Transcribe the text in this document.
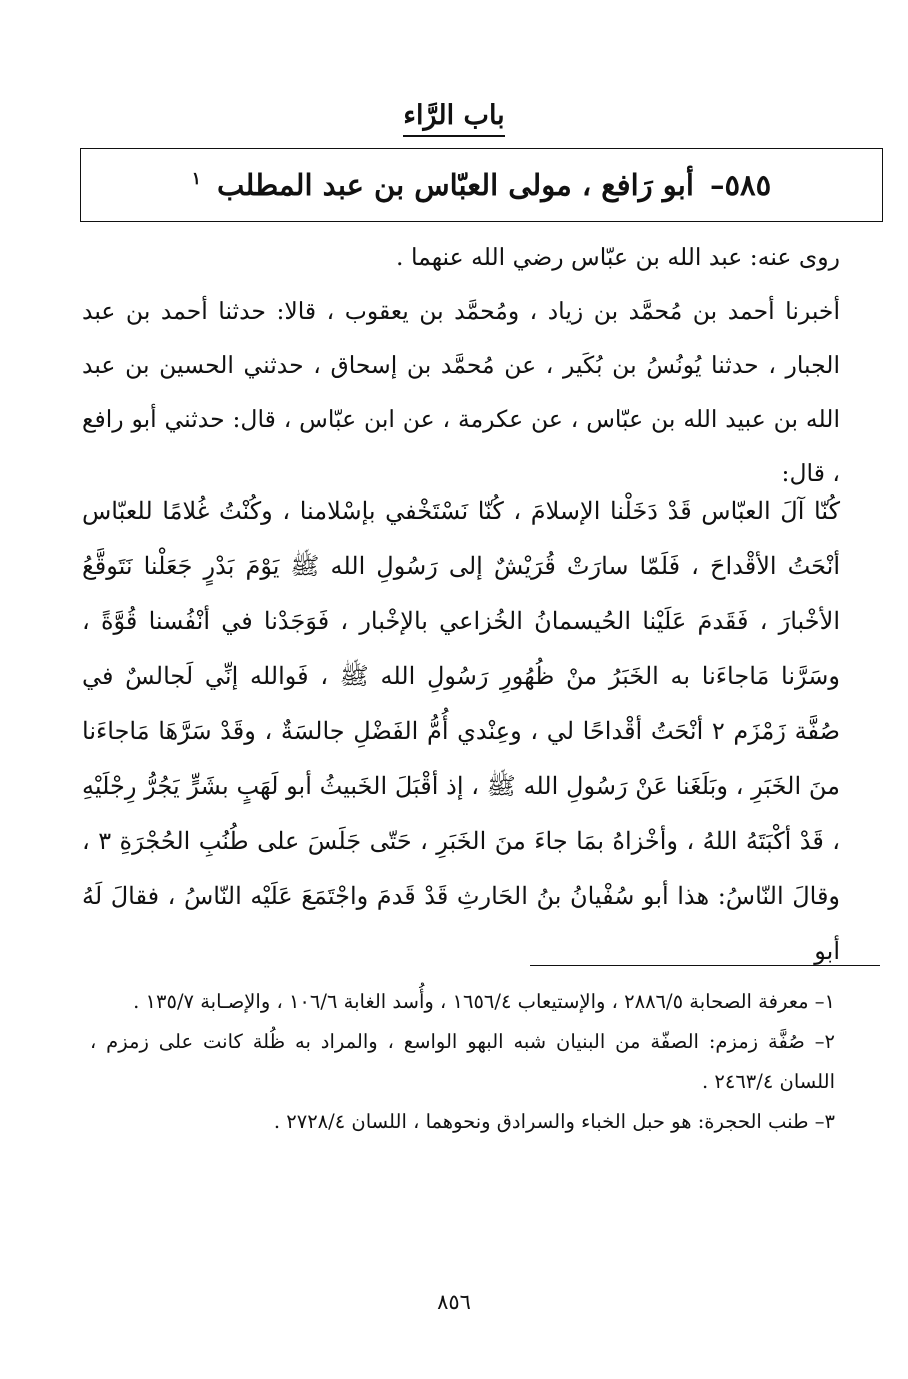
باب الرَّاء
٥٨٥– أبو رَافع ، مولى العبّاس بن عبد المطلب $^١$

روى عنه: عبد الله بن عبّاس رضي الله عنهما .

أخبرنا أحمد بن مُحمَّد بن زياد ، ومُحمَّد بن يعقوب ، قالا: حدثنا أحمد بن عبد الجبار ، حدثنا يُونُسُ بن بُكَير ، عن مُحمَّد بن إسحاق ، حدثني الحسين بن عبد الله بن عبيد الله بن عبّاس ، عن عكرمة ، عن ابن عبّاس ، قال: حدثني أبو رافع ، قال:

كُنّا آلَ العبّاس قَدْ دَخَلْنا الإسلامَ ، كُنّا نَسْتَخْفي بإسْلامنا ، وكُنْتُ غُلامًا للعبّاس أنْحَتُ الأقْداحَ ، فَلَمّا سارَتْ قُرَيْشٌ إلى رَسُولِ الله ﷺ يَوْمَ بَدْرٍ جَعَلْنا نَتَوقَّعُ الأخْبارَ ، فَقَدمَ عَلَيْنا الحُيسمانُ الخُزاعي بالإخْبار ، فَوَجَدْنا في أنْفُسنا قُوَّةً ، وسَرَّنا مَاجاءَنا به الخَبَرُ منْ ظُهُورِ رَسُولِ الله ﷺ ، فَوالله إنِّي لَجالسٌ في صُفَّة زَمْزَم ٢ أنْحَتُ أقْداحًا لي ، وعِنْدي أُمُّ الفَضْلِ جالسَةٌ ، وقَدْ سَرَّهَا مَاجاءَنا منَ الخَبَرِ ، وبَلَغَنا عَنْ رَسُولِ الله ﷺ ، إذ أقْبَلَ الخَبيثُ أبو لَهَبٍ بشَرٍّ يَجُرُّ رِجْلَيْهِ ، قَدْ أكْبَتَهُ اللهُ ، وأخْزاهُ بمَا جاءَ منَ الخَبَرِ ، حَتّى جَلَسَ على طُنُبِ الحُجْرَةِ ٣ ، وقالَ النّاسُ: هذا أبو سُفْيانُ بنُ الحَارثِ قَدْ قَدمَ واجْتَمَعَ عَلَيْه النّاسُ ، فقالَ لَهُ أبو

١– معرفة الصحابة ٢٨٨٦/٥ ، والإستيعاب ١٦٥٦/٤ ، وأُسد الغابة ١٠٦/٦ ، والإصـابة ١٣٥/٧ .

٢– صُفَّة زمزم: الصفّة من البنيان شبه البهو الواسع ، والمراد به ظُلة كانت على زمزم ، اللسان ٢٤٦٣/٤ .

٣– طنب الحجرة: هو حبل الخباء والسرادق ونحوهما ، اللسان ٢٧٢٨/٤ .

٨٥٦
